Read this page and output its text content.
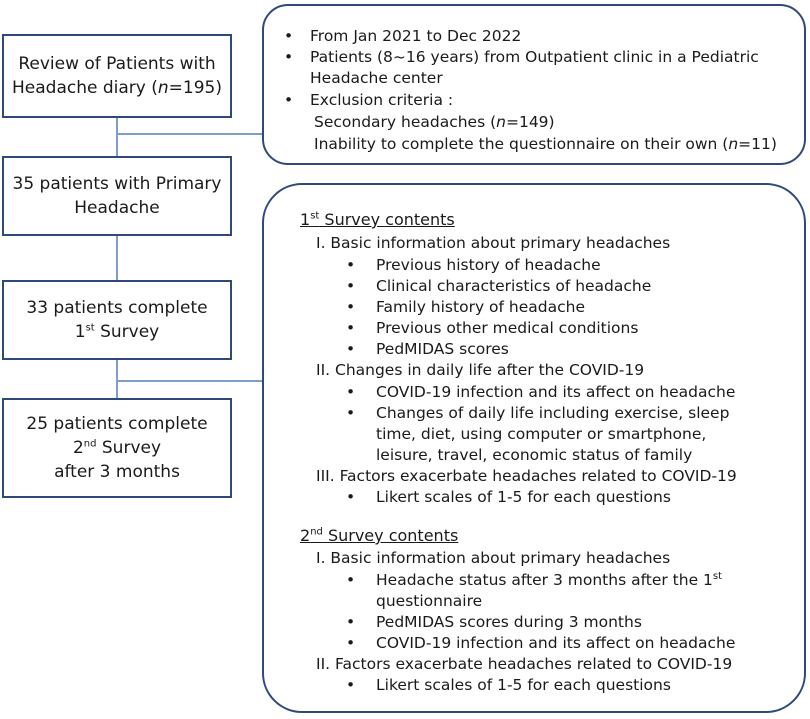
Review of Patients with
Headache diary (n=195)
35 patients with Primary
Headache
33 patients complete
1st Survey
25 patients complete
2nd Survey
after 3 months
• From Jan 2021 to Dec 2022
• Patients (8~16 years) from Outpatient clinic in a Pediatric
Headache center
• Exclusion criteria :
Secondary headaches (n=149)
Inability to complete the questionnaire on their own (n=11)
1st Survey contents
I. Basic information about primary headaches
• Previous history of headache
• Clinical characteristics of headache
• Family history of headache
• Previous other medical conditions
• PedMIDAS scores
II. Changes in daily life after the COVID-19
• COVID-19 infection and its affect on headache
• Changes of daily life including exercise, sleep
time, diet, using computer or smartphone,
leisure, travel, economic status of family
III. Factors exacerbate headaches related to COVID-19
• Likert scales of 1-5 for each questions
2nd Survey contents
I. Basic information about primary headaches
• Headache status after 3 months after the 1st
questionnaire
• PedMIDAS scores during 3 months
• COVID-19 infection and its affect on headache
II. Factors exacerbate headaches related to COVID-19
• Likert scales of 1-5 for each questions
